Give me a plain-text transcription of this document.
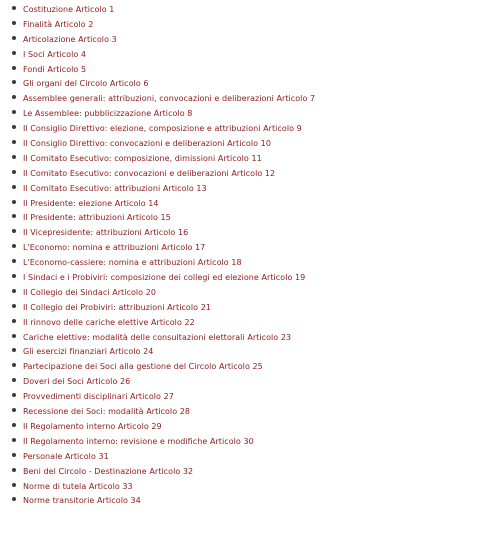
Costituzione Articolo 1
Finalità Articolo 2
Articolazione Articolo 3
I Soci Articolo 4
Fondi Articolo 5
Gli organi del Circolo Articolo 6
Assemblee generali: attribuzioni, convocazioni e deliberazioni Articolo 7
Le Assemblee: pubblicizzazione Articolo 8
Il Consiglio Direttivo: elezione, composizione e attribuzioni Articolo 9
Il Consiglio Direttivo: convocazioni e deliberazioni Articolo 10
Il Comitato Esecutivo: composizione, dimissioni Articolo 11
Il Comitato Esecutivo: convocazioni e deliberazioni Articolo 12
Il Comitato Esecutivo: attribuzioni Articolo 13
Il Presidente: elezione Articolo 14
Il Presidente: attribuzioni Articolo 15
Il Vicepresidente: attribuzioni Articolo 16
L'Economo: nomina e attribuzioni Articolo 17
L'Economo-cassiere: nomina e attribuzioni Articolo 18
I Sindaci e i Probiviri: composizione dei collegi ed elezione Articolo 19
Il Collegio dei Sindaci Articolo 20
Il Collegio dei Probiviri: attribuzioni Articolo 21
Il rinnovo delle cariche elettive Articolo 22
Cariche elettive: modalità delle consultazioni elettorali Articolo 23
Gli esercizi finanziari Articolo 24
Partecipazione dei Soci alla gestione del Circolo Articolo 25
Doveri dei Soci Articolo 26
Provvedimenti disciplinari Articolo 27
Recessione dei Soci: modalità Articolo 28
Il Regolamento interno Articolo 29
Il Regolamento interno: revisione e modifiche Articolo 30
Personale Articolo 31
Beni del Circolo - Destinazione Articolo 32
Norme di tutela Articolo 33
Norme transitorie Articolo 34
